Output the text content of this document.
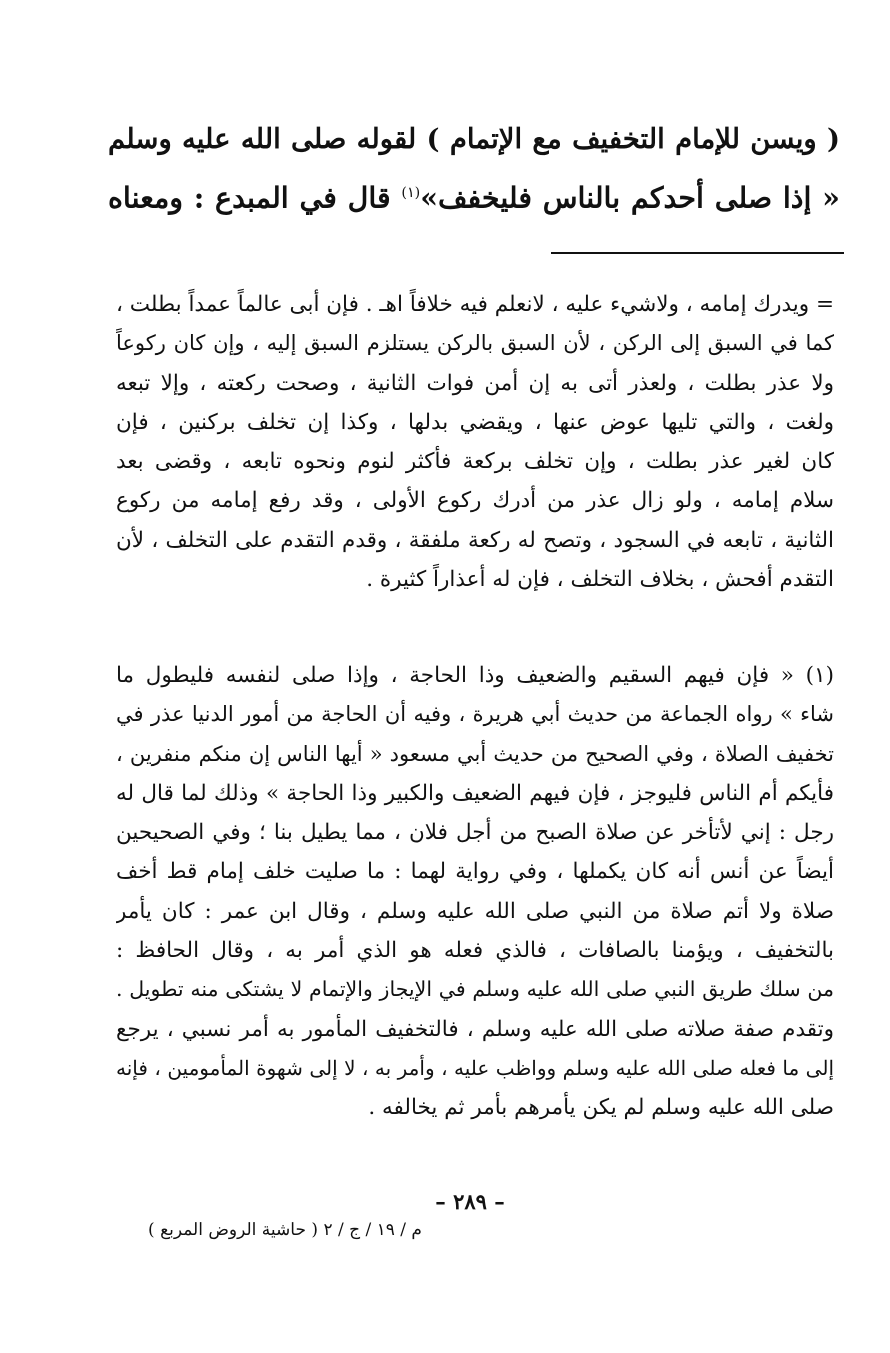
( ويسن للإمام التخفيف مع الإتمام ) لقوله صلى الله عليه وسلم
« إذا صلى أحدكم بالناس فليخفف»$^{(١)}$ قال في المبدع : ومعناه
= ويدرك إمامه ، ولاشيء عليه ، لانعلم فيه خلافاً اهـ . فإن أبى عالماً عمداً بطلت ،
كما في السبق إلى الركن ، لأن السبق بالركن يستلزم السبق إليه ، وإن كان ركوعاً
ولا عذر بطلت ، ولعذر أتى به إن أمن فوات الثانية ، وصحت ركعته ، وإلا تبعه
ولغت ، والتي تليها عوض عنها ، ويقضي بدلها ، وكذا إن تخلف بركنين ، فإن
كان لغير عذر بطلت ، وإن تخلف بركعة فأكثر لنوم ونحوه تابعه ، وقضى بعد
سلام إمامه ، ولو زال عذر من أدرك ركوع الأولى ، وقد رفع إمامه من ركوع
الثانية ، تابعه في السجود ، وتصح له ركعة ملفقة ، وقدم التقدم على التخلف ، لأن
التقدم أفحش ، بخلاف التخلف ، فإن له أعذاراً كثيرة .
(١) « فإن فيهم السقيم والضعيف وذا الحاجة ، وإذا صلى لنفسه فليطول ما
شاء » رواه الجماعة من حديث أبي هريرة ، وفيه أن الحاجة من أمور الدنيا عذر في
تخفيف الصلاة ، وفي الصحيح من حديث أبي مسعود « أيها الناس إن منكم منفرين ،
فأيكم أم الناس فليوجز ، فإن فيهم الضعيف والكبير وذا الحاجة » وذلك لما قال له
رجل : إني لأتأخر عن صلاة الصبح من أجل فلان ، مما يطيل بنا ؛ وفي الصحيحين
أيضاً عن أنس أنه كان يكملها ، وفي رواية لهما : ما صليت خلف إمام قط أخف
صلاة ولا أتم صلاة من النبي صلى الله عليه وسلم ، وقال ابن عمر : كان يأمر
بالتخفيف ، ويؤمنا بالصافات ، فالذي فعله هو الذي أمر به ، وقال الحافظ :
من سلك طريق النبي صلى الله عليه وسلم في الإيجاز والإتمام لا يشتكى منه تطويل .
وتقدم صفة صلاته صلى الله عليه وسلم ، فالتخفيف المأمور به أمر نسبي ، يرجع
إلى ما فعله صلى الله عليه وسلم وواظب عليه ، وأمر به ، لا إلى شهوة المأمومين ، فإنه
صلى الله عليه وسلم لم يكن يأمرهم بأمر ثم يخالفه .
– ٢٨٩ –
م / ١٩ / ج / ٢ ( حاشية الروض المربع )
